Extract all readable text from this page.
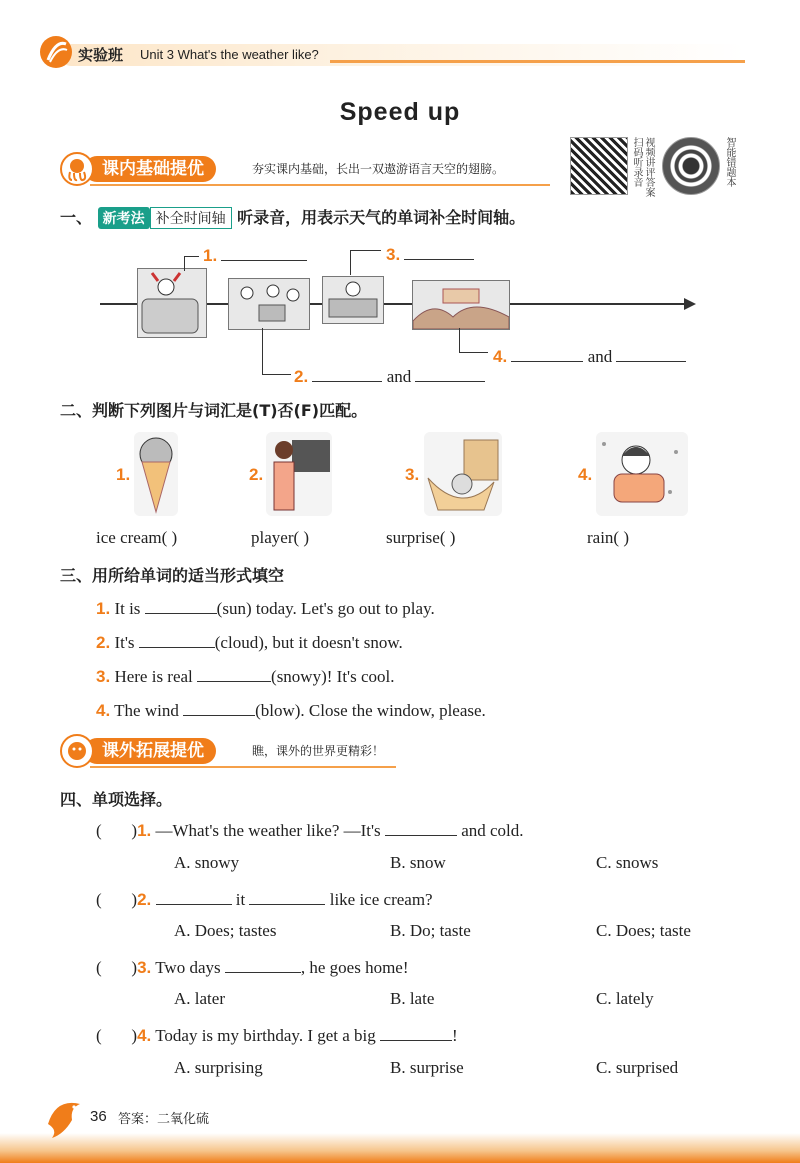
实验班 Unit 3 What's the weather like?
Speed up
课内基础提优	夯实课内基础，长出一双遨游语言天空的翅膀。	扫码听录音 视频讲评答案	智能错题本
一、 新考法 补全时间轴 听录音，用表示天气的单词补全时间轴。
1.	3.
2.	and
4.	and
二、判断下列图片与词汇是(T)否(F)匹配。
1.	2.	3.	4.
ice cream( )	player( )	surprise( )	rain( )
三、用所给单词的适当形式填空
1. It is	(sun) today. Let's go out to play.
2. It's	(cloud), but it doesn't snow.
3. Here is real	(snowy)! It's cool.
4. The wind	(blow). Close the window, please.
课外拓展提优	瞧，课外的世界更精彩！
四、单项选择。
(       )1. —What's the weather like? —It's	and cold.
A. snowy	B. snow	C. snows
(       )2.	it	like ice cream?
A. Does; tastes	B. Do; taste	C. Does; taste
(       )3. Two days	, he goes home!
A. later	B. late	C. lately
(       )4. Today is my birthday. I get a big	!
A. surprising	B. surprise	C. surprised
36 答案：二氧化硫
